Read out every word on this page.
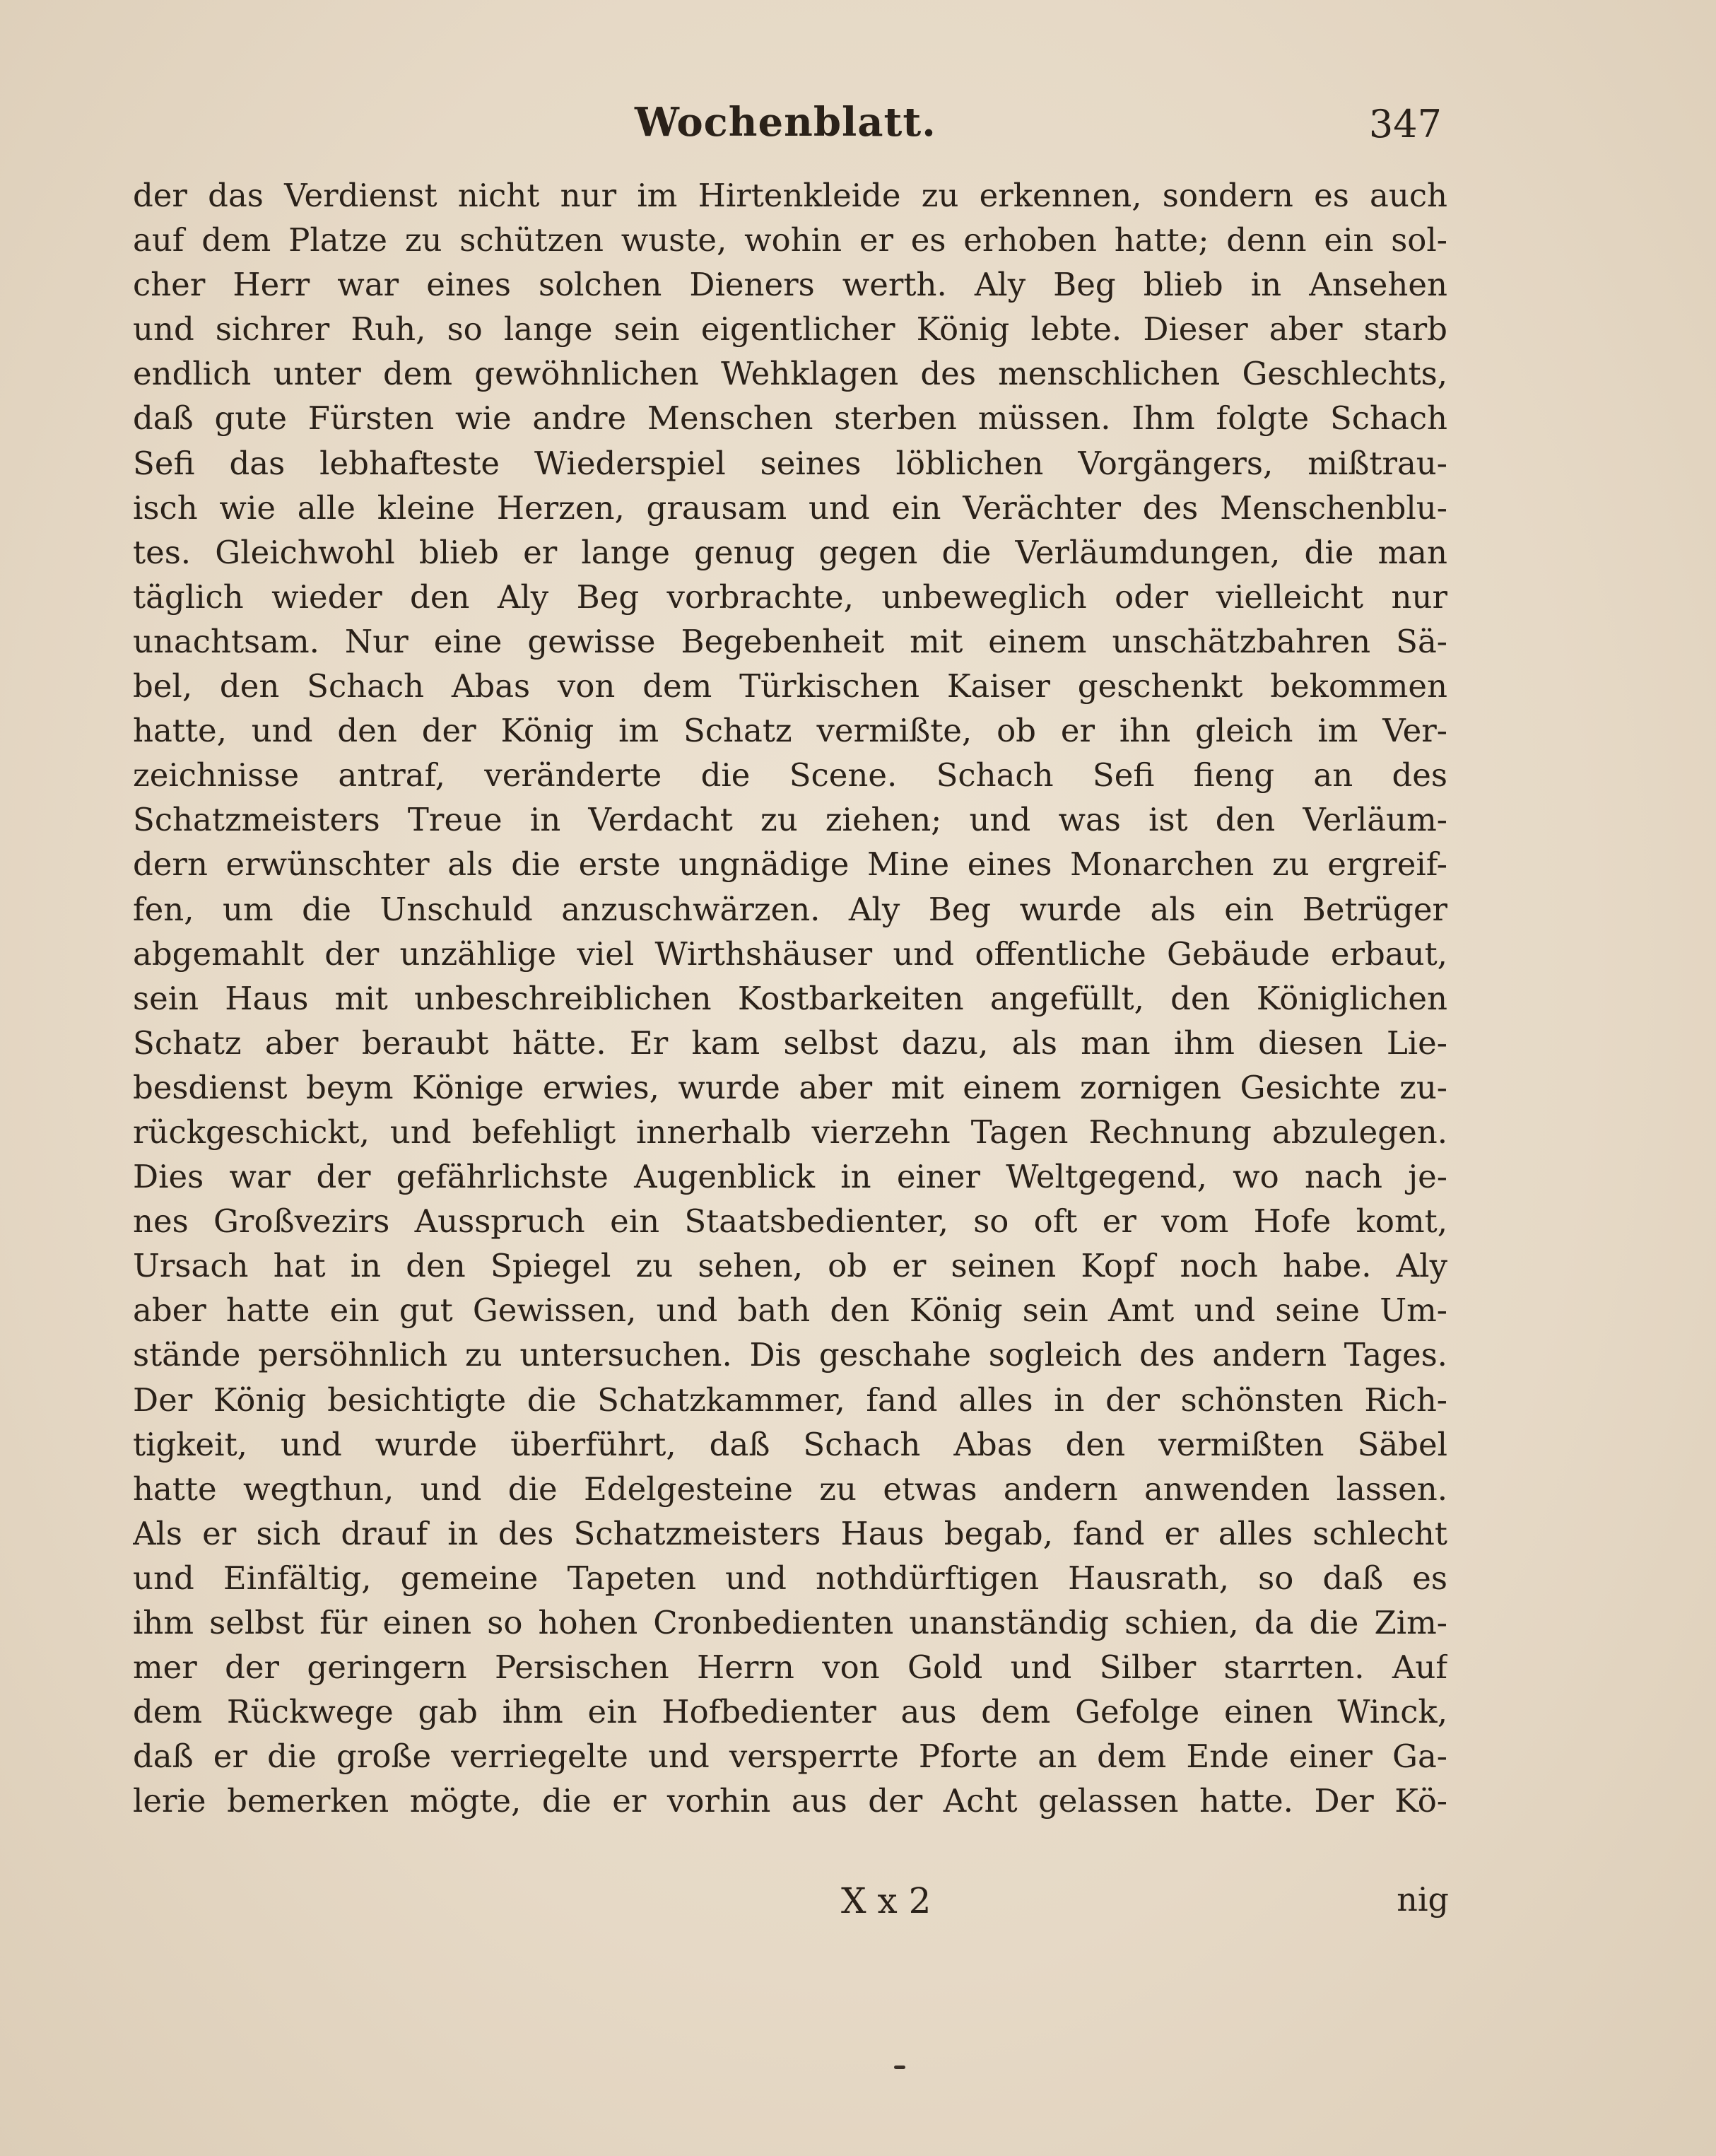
Wochenblatt.	347
der das Verdienst nicht nur im Hirtenkleide zu erkennen, sondern es auch
auf dem Platze zu schützen wuste, wohin er es erhoben hatte; denn ein sol-
cher Herr war eines solchen Dieners werth. Aly Beg blieb in Ansehen
und sichrer Ruh, so lange sein eigentlicher König lebte. Dieser aber starb
endlich unter dem gewöhnlichen Wehklagen des menschlichen Geschlechts,
daß gute Fürsten wie andre Menschen sterben müssen. Ihm folgte Schach
Sefi das lebhafteste Wiederspiel seines löblichen Vorgängers, mißtrau-
isch wie alle kleine Herzen, grausam und ein Verächter des Menschenblu-
tes. Gleichwohl blieb er lange genug gegen die Verläumdungen, die man
täglich wieder den Aly Beg vorbrachte, unbeweglich oder vielleicht nur
unachtsam. Nur eine gewisse Begebenheit mit einem unschätzbahren Sä-
bel, den Schach Abas von dem Türkischen Kaiser geschenkt bekommen
hatte, und den der König im Schatz vermißte, ob er ihn gleich im Ver-
zeichnisse antraf, veränderte die Scene. Schach Sefi fieng an des
Schatzmeisters Treue in Verdacht zu ziehen; und was ist den Verläum-
dern erwünschter als die erste ungnädige Mine eines Monarchen zu ergreif-
fen, um die Unschuld anzuschwärzen. Aly Beg wurde als ein Betrüger
abgemahlt der unzählige viel Wirthshäuser und offentliche Gebäude erbaut,
sein Haus mit unbeschreiblichen Kostbarkeiten angefüllt, den Königlichen
Schatz aber beraubt hätte. Er kam selbst dazu, als man ihm diesen Lie-
besdienst beym Könige erwies, wurde aber mit einem zornigen Gesichte zu-
rückgeschickt, und befehligt innerhalb vierzehn Tagen Rechnung abzulegen.
Dies war der gefährlichste Augenblick in einer Weltgegend, wo nach je-
nes Großvezirs Ausspruch ein Staatsbedienter, so oft er vom Hofe komt,
Ursach hat in den Spiegel zu sehen, ob er seinen Kopf noch habe. Aly
aber hatte ein gut Gewissen, und bath den König sein Amt und seine Um-
stände persöhnlich zu untersuchen. Dis geschahe sogleich des andern Tages.
Der König besichtigte die Schatzkammer, fand alles in der schönsten Rich-
tigkeit, und wurde überführt, daß Schach Abas den vermißten Säbel
hatte wegthun, und die Edelgesteine zu etwas andern anwenden lassen.
Als er sich drauf in des Schatzmeisters Haus begab, fand er alles schlecht
und Einfältig, gemeine Tapeten und nothdürftigen Hausrath, so daß es
ihm selbst für einen so hohen Cronbedienten unanständig schien, da die Zim-
mer der geringern Persischen Herrn von Gold und Silber starrten. Auf
dem Rückwege gab ihm ein Hofbedienter aus dem Gefolge einen Winck,
daß er die große verriegelte und versperrte Pforte an dem Ende einer Ga-
lerie bemerken mögte, die er vorhin aus der Acht gelassen hatte. Der Kö-
X x 2	nig
